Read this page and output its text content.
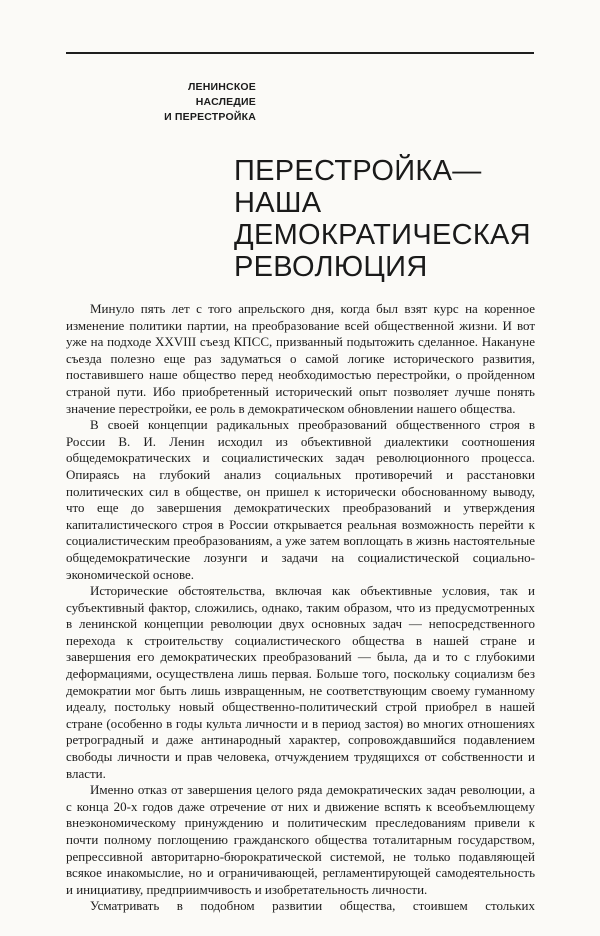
ЛЕНИНСКОЕ
НАСЛЕДИЕ
И ПЕРЕСТРОЙКА
ПЕРЕСТРОЙКА—
НАША
ДЕМОКРАТИЧЕСКАЯ
РЕВОЛЮЦИЯ

Минуло пять лет с того апрельского дня, когда был взят курс на коренное изменение политики партии, на преобразование всей общественной жизни. И вот уже на подходе XXVIII съезд КПСС, призванный подытожить сделанное. Накануне съезда полезно еще раз задуматься о самой логике исторического развития, поставившего наше общество перед необходимостью перестройки, о пройденном страной пути. Ибо приобретенный исторический опыт позволяет лучше понять значение перестройки, ее роль в демократическом обновлении нашего общества.

В своей концепции радикальных преобразований общественного строя в России В. И. Ленин исходил из объективной диалектики соотношения общедемократических и социалистических задач революционного процесса. Опираясь на глубокий анализ социальных противоречий и расстановки политических сил в обществе, он пришел к исторически обоснованному выводу, что еще до завершения демократических преобразований и утверждения капиталистического строя в России открывается реальная возможность перейти к социалистическим преобразованиям, а уже затем воплощать в жизнь настоятельные общедемократические лозунги и задачи на социалистической социально-экономической основе.

Исторические обстоятельства, включая как объективные условия, так и субъективный фактор, сложились, однако, таким образом, что из предусмотренных в ленинской концепции революции двух основных задач — непосредственного перехода к строительству социалистического общества в нашей стране и завершения его демократических преобразований — была, да и то с глубокими деформациями, осуществлена лишь первая. Больше того, поскольку социализм без демократии мог быть лишь извращенным, не соответствующим своему гуманному идеалу, постольку новый общественно-политический строй приобрел в нашей стране (особенно в годы культа личности и в период застоя) во многих отношениях ретроградный и даже антинародный характер, сопровождавшийся подавлением свободы личности и прав человека, отчуждением трудящихся от собственности и власти.

Именно отказ от завершения целого ряда демократических задач революции, а с конца 20-х годов даже отречение от них и движение вспять к всеобъемлющему внеэкономическому принуждению и политическим преследованиям привели к почти полному поглощению гражданского общества тоталитарным государством, репрессивной авторитарно-бюрократической системой, не только подавляющей всякое инакомыслие, но и ограничивающей, регламентирующей самодеятельность и инициативу, предприимчивость и изобретательность личности.

Усматривать в подобном развитии общества, стоившем стольких
